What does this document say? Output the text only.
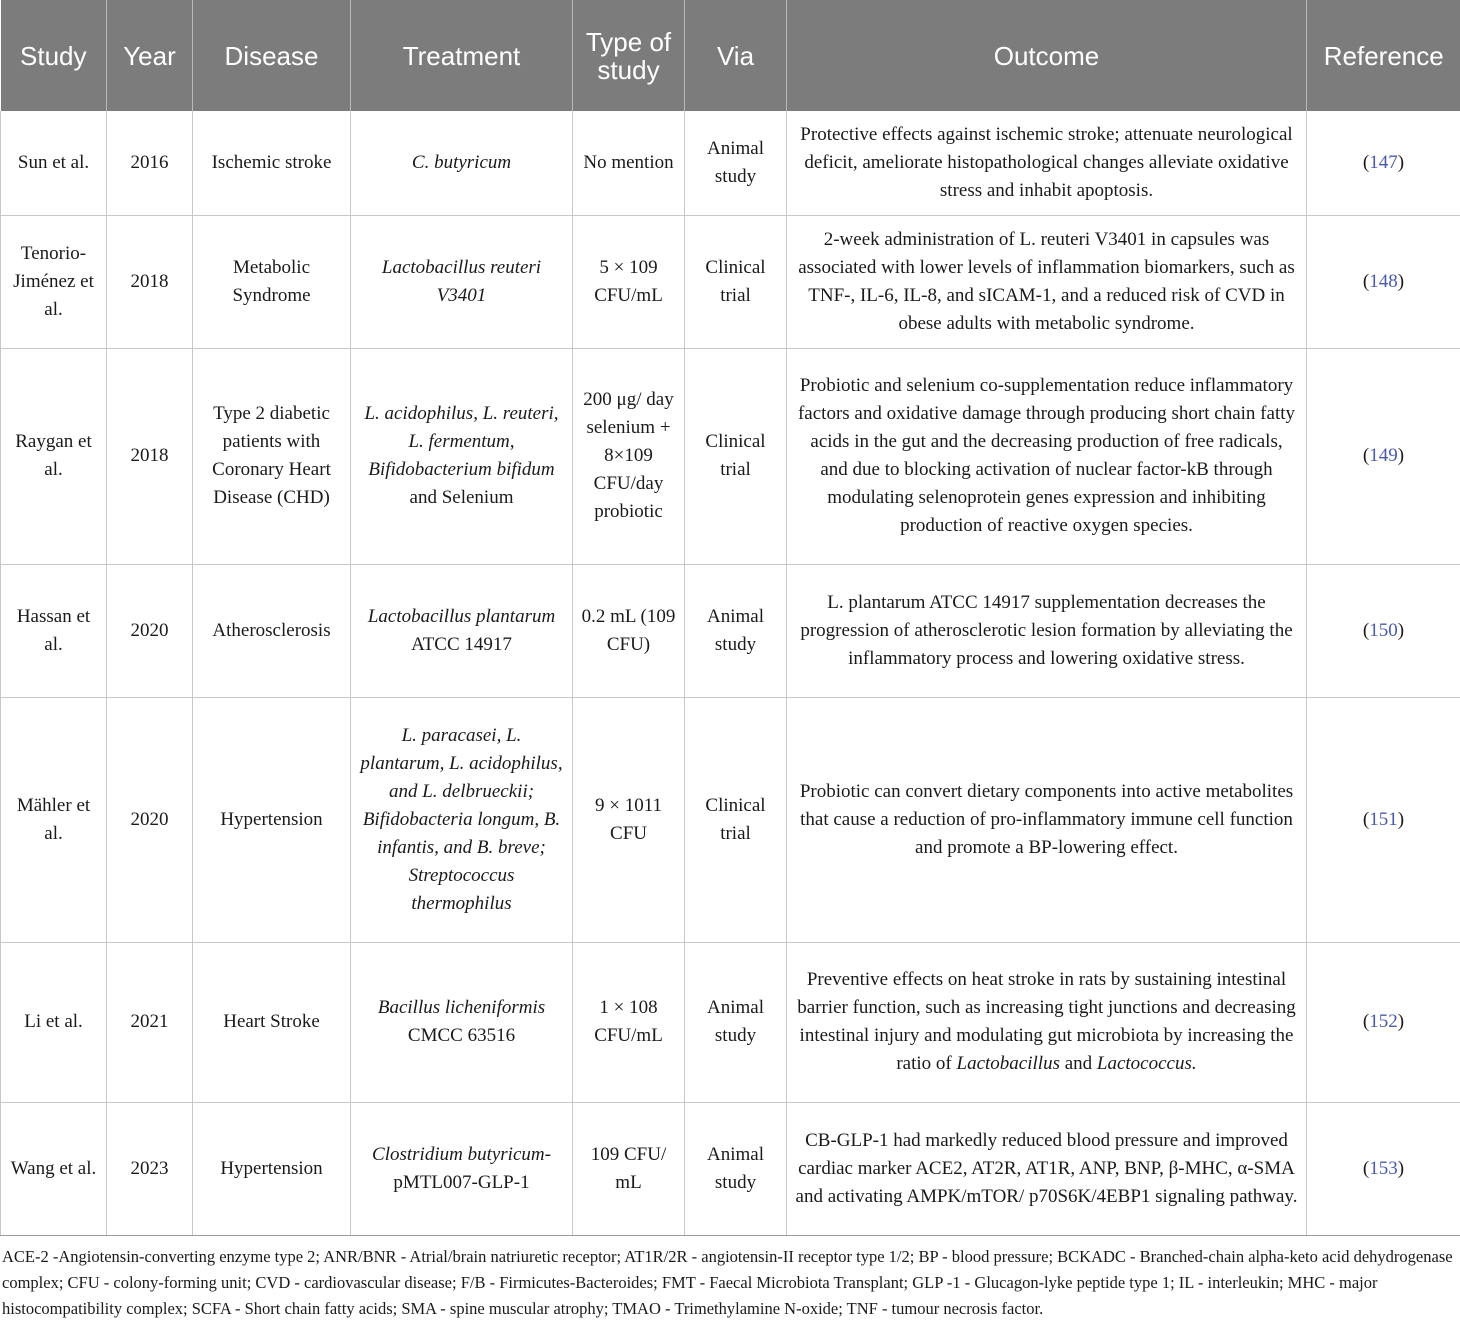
Study	Year	Disease	Treatment	Type of study	Via	Outcome	Reference
Sun et al.	2016	Ischemic stroke	C. butyricum	No mention	Animal study	Protective effects against ischemic stroke; attenuate neurological deficit, ameliorate histopathological changes alleviate oxidative stress and inhabit apoptosis.	(147)
Tenorio-Jiménez et al.	2018	Metabolic Syndrome	Lactobacillus reuteri V3401	5 × 109 CFU/mL	Clinical trial	2-week administration of L. reuteri V3401 in capsules was associated with lower levels of inflammation biomarkers, such as TNF-, IL-6, IL-8, and sICAM-1, and a reduced risk of CVD in obese adults with metabolic syndrome.	(148)
Raygan et al.	2018	Type 2 diabetic patients with Coronary Heart Disease (CHD)	L. acidophilus, L. reuteri, L. fermentum, Bifidobacterium bifidum and Selenium	200 μg/ day selenium + 8×109 CFU/day probiotic	Clinical trial	Probiotic and selenium co-supplementation reduce inflammatory factors and oxidative damage through producing short chain fatty acids in the gut and the decreasing production of free radicals, and due to blocking activation of nuclear factor-kB through modulating selenoprotein genes expression and inhibiting production of reactive oxygen species.	(149)
Hassan et al.	2020	Atherosclerosis	Lactobacillus plantarum ATCC 14917	0.2 mL (109 CFU)	Animal study	L. plantarum ATCC 14917 supplementation decreases the progression of atherosclerotic lesion formation by alleviating the inflammatory process and lowering oxidative stress.	(150)
Mähler et al.	2020	Hypertension	L. paracasei, L. plantarum, L. acidophilus, and L. delbrueckii; Bifidobacteria longum, B. infantis, and B. breve; Streptococcus thermophilus	9 × 1011 CFU	Clinical trial	Probiotic can convert dietary components into active metabolites that cause a reduction of pro-inflammatory immune cell function and promote a BP-lowering effect.	(151)
Li et al.	2021	Heart Stroke	Bacillus licheniformis CMCC 63516	1 × 108 CFU/mL	Animal study	Preventive effects on heat stroke in rats by sustaining intestinal barrier function, such as increasing tight junctions and decreasing intestinal injury and modulating gut microbiota by increasing the ratio of Lactobacillus and Lactococcus.	(152)
Wang et al.	2023	Hypertension	Clostridium butyricum-pMTL007-GLP-1	109 CFU/ mL	Animal study	CB-GLP-1 had markedly reduced blood pressure and improved cardiac marker ACE2, AT2R, AT1R, ANP, BNP, β-MHC, α-SMA and activating AMPK/mTOR/ p70S6K/4EBP1 signaling pathway.	(153)
ACE-2 -Angiotensin-converting enzyme type 2; ANR/BNR - Atrial/brain natriuretic receptor; AT1R/2R - angiotensin-II receptor type 1/2; BP - blood pressure; BCKADC - Branched-chain alpha-keto acid dehydrogenase complex; CFU - colony-forming unit; CVD - cardiovascular disease; F/B - Firmicutes-Bacteroides; FMT - Faecal Microbiota Transplant; GLP -1 - Glucagon-lyke peptide type 1; IL - interleukin; MHC - major histocompatibility complex; SCFA - Short chain fatty acids; SMA - spine muscular atrophy; TMAO - Trimethylamine N-oxide; TNF - tumour necrosis factor.
